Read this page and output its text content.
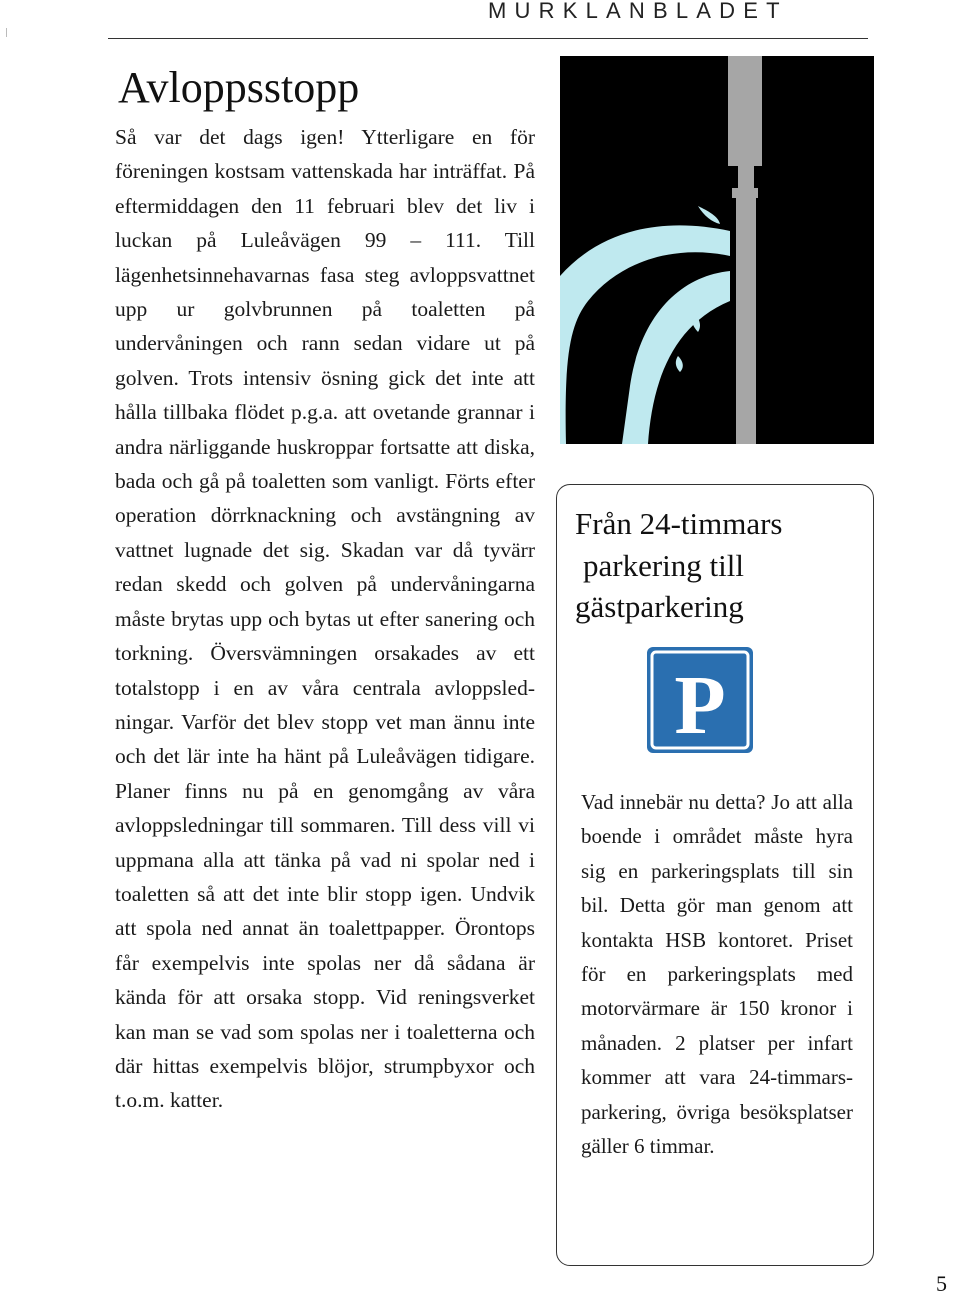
MURKLANBLADET
Avloppsstopp

Så var det dags igen! Ytterligare en för föreningen kostsam vattenskada har inträffat. På eftermiddagen den 11 februari blev det liv i luckan på Luleåvägen 99 – 111. Till lägenhetsinnehavarnas fasa steg avloppsvattnet upp ur golvbrunnen på toaletten på undervåningen och rann sedan vidare ut på golven. Trots intensiv ösning gick det inte att hålla tillbaka flödet p.g.a. att ovetande grannar i andra närliggande huskroppar fortsatte att diska, bada och gå på toaletten som vanligt. Förts efter operation dörrknackning och avstängning av vattnet lugnade det sig. Skadan var då tyvärr redan skedd och golven på undervåningarna måste brytas upp och bytas ut efter sanering och torkning. Översvämningen orsakades av ett totalstopp i en av våra centrala avloppsledningar. Varför det blev stopp vet man ännu inte och det lär inte ha hänt på Luleåvägen tidigare. Planer finns nu på en genomgång av våra avloppsledningar till sommaren. Till dess vill vi uppmana alla att tänka på vad ni spolar ned i toaletten så att det inte blir stopp igen. Undvik att spola ned annat än toalettpapper. Örontops får exempelvis inte spolas ner då sådana är kända för att orsaka stopp. Vid reningsverket kan man se vad som spolas ner i toaletterna och där hittas exempelvis blöjor, strumpbyxor och t.o.m. katter.

Från 24-timmars
parkering till
gästparkering
P

Vad innebär nu detta? Jo att alla boende i området måste hyra sig en parkeringsplats till sin bil. Detta gör man genom att kontakta HSB kontoret. Priset för en parkeringsplats med motorvärmare är 150 kronor i månaden. 2 platser per infart kommer att vara 24-timmarsparkering, övriga besöksplatser gäller 6 timmar.

5
